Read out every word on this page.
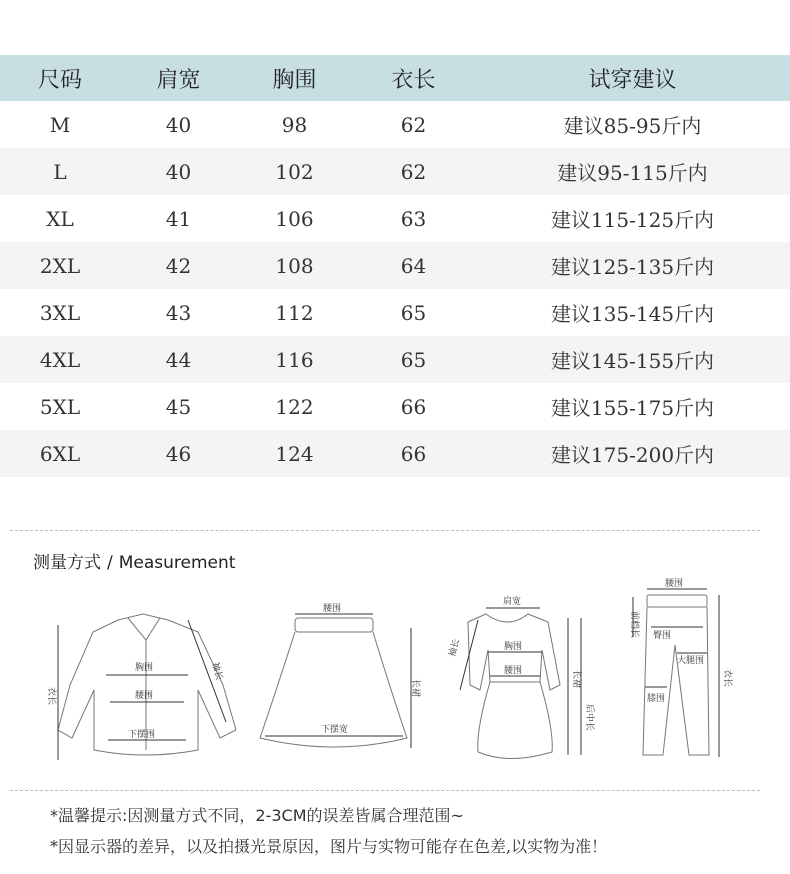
尺码	肩宽	胸围	衣长	试穿建议
M	40	98	62	建议85-95斤内
L	40	102	62	建议95-115斤内
XL	41	106	63	建议115-125斤内
2XL	42	108	64	建议125-135斤内
3XL	43	112	65	建议135-145斤内
4XL	44	116	65	建议145-155斤内
5XL	45	122	66	建议155-175斤内
6XL	46	124	66	建议175-200斤内
测量方式 / Measurement
衣长
袖长
胸围
腰围
下摆围
腰围
长裙
下摆宽
肩宽
袖长	胸围
腰围	长裙
后中长
腰围
前档长 臀围
大腿围
膝围
衣长
*温馨提示:因测量方式不同，2-3CM的误差皆属合理范围~
*因显示器的差异，以及拍摄光景原因，图片与实物可能存在色差,以实物为准！
